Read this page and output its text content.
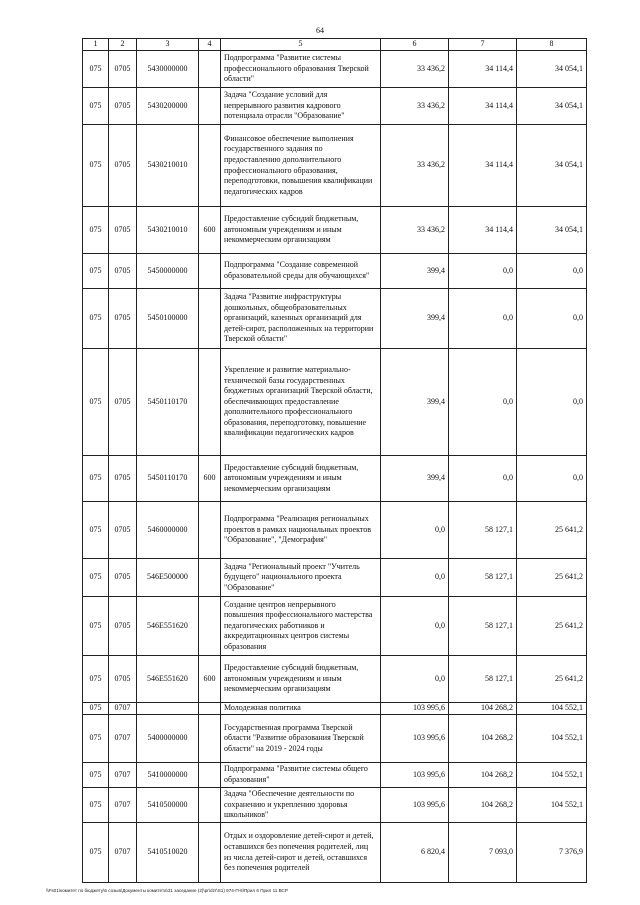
64
1	2	3	4	5	6	7	8
075	0705	5430000000		Подпрограмма "Развитие системы профессионального образования Тверской области"	33 436,2	34 114,4	34 054,1
075	0705	5430200000		Задача "Создание условий для непрерывного развития кадрового потенциала отрасли "Образование"	33 436,2	34 114,4	34 054,1
075	0705	5430210010		Финансовое обеспечение выполнения государственного задания по предоставлению дополнительного профессионального образования, переподготовки, повышения квалификации педагогических кадров	33 436,2	34 114,4	34 054,1
075	0705	5430210010	600	Предоставление субсидий бюджетным, автономным учреждениям и иным некоммерческим организациям	33 436,2	34 114,4	34 054,1
075	0705	5450000000		Подпрограмма "Создание современной образовательной среды для обучающихся"	399,4	0,0	0,0
075	0705	5450100000		Задача "Развитие инфраструктуры дошкольных, общеобразовательных организаций, казенных организаций для детей-сирот, расположенных на территории Тверской области"	399,4	0,0	0,0
075	0705	5450110170		Укрепление и развитие материально-технической базы государственных бюджетных организаций Тверской области, обеспечивающих предоставление дополнительного профессионального образования, переподготовку, повышение квалификации педагогических кадров	399,4	0,0	0,0
075	0705	5450110170	600	Предоставление субсидий бюджетным, автономным учреждениям и иным некоммерческим организациям	399,4	0,0	0,0
075	0705	5460000000		Подпрограмма "Реализация региональных проектов в рамках национальных проектов "Образование", "Демография"	0,0	58 127,1	25 641,2
075	0705	546E500000		Задача "Региональный проект "Учитель будущего" национального проекта "Образование"	0,0	58 127,1	25 641,2
075	0705	546E551620		Создание центров непрерывного повышения профессионального мастерства педагогических работников и аккредитационных центров системы образования	0,0	58 127,1	25 641,2
075	0705	546E551620	600	Предоставление субсидий бюджетным, автономным учреждениям и иным некоммерческим организациям	0,0	58 127,1	25 641,2
075	0707			Молодежная политика	103 995,6	104 268,2	104 552,1
075	0707	5400000000		Государственная программа Тверской области "Развитие образования Тверской области" на 2019 - 2024 годы	103 995,6	104 268,2	104 552,1
075	0707	5410000000		Подпрограмма "Развитие системы общего образования"	103 995,6	104 268,2	104 552,1
075	0707	5410500000		Задача "Обеспечение деятельности по сохранению и укреплению здоровья школьников"	103 995,6	104 268,2	104 552,1
075	0707	5410510020		Отдых и оздоровление детей-сирот и детей, оставшихся без попечения родителей, лиц из числа детей-сирот и детей, оставшихся без попечения родителей	6 820,4	7 093,0	7 376,9
\\Fs01\комитет по бюджету\6 созыв\Документы комитета\31 заседание (2)\pr\dzr\S1) 974-П-6\Прил 6 Прил 11 ВСР
